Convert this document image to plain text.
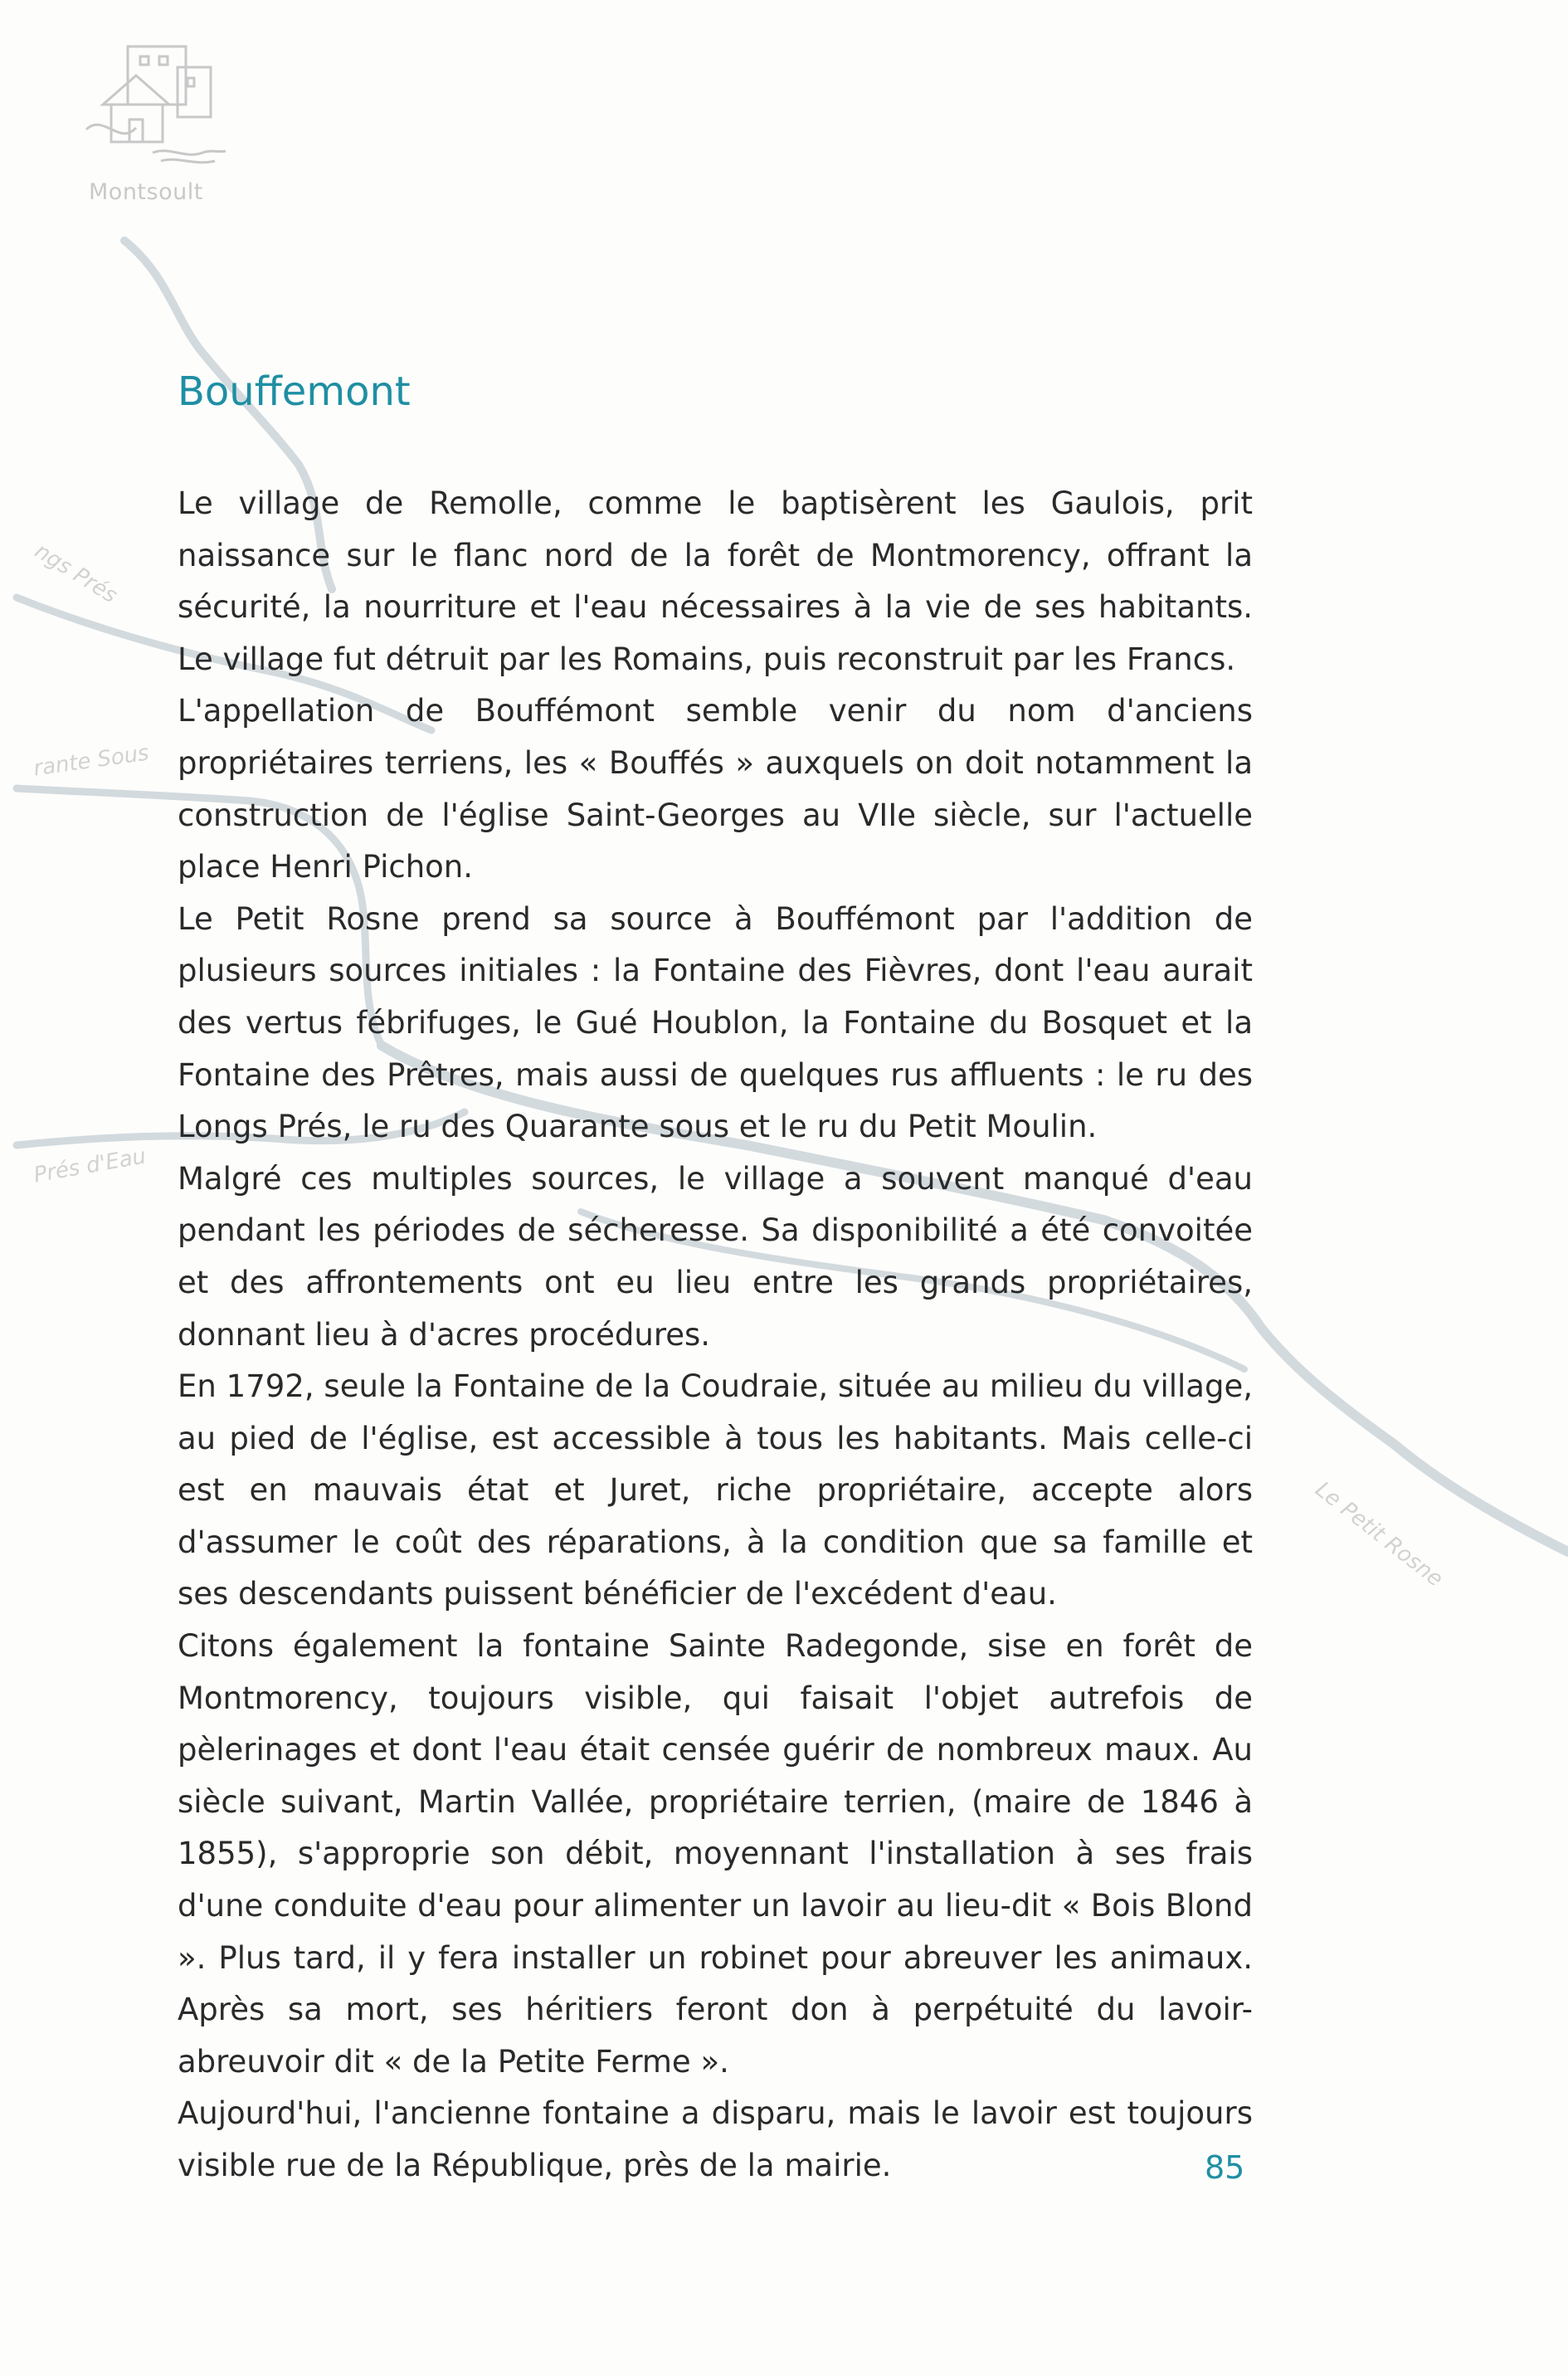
Montsoult
ngs Prés
rante Sous
Prés d'Eau
Le Petit Rosne
Bouffemont

Le village de Remolle, comme le baptisèrent les Gaulois, prit naissance sur le flanc nord de la forêt de Montmorency, offrant la sécurité, la nourriture et l'eau nécessaires à la vie de ses habitants. Le village fut détruit par les Romains, puis reconstruit par les Francs.

L'appellation de Bouffémont semble venir du nom d'anciens propriétaires terriens, les « Bouffés » auxquels on doit notamment la construction de l'église Saint-Georges au VIIe siècle, sur l'actuelle place Henri Pichon.

Le Petit Rosne prend sa source à Bouffémont par l'addition de plusieurs sources initiales : la Fontaine des Fièvres, dont l'eau aurait des vertus fébrifuges, le Gué Houblon, la Fontaine du Bosquet et la Fontaine des Prêtres, mais aussi de quelques rus affluents : le ru des Longs Prés, le ru des Quarante sous et le ru du Petit Moulin.

Malgré ces multiples sources, le village a souvent manqué d'eau pendant les périodes de sécheresse. Sa disponibilité a été convoitée et des affrontements ont eu lieu entre les grands propriétaires, donnant lieu à d'acres procédures.

En 1792, seule la Fontaine de la Coudraie, située au milieu du village, au pied de l'église, est accessible à tous les habitants. Mais celle-ci est en mauvais état et Juret, riche propriétaire, accepte alors d'assumer le coût des réparations, à la condition que sa famille et ses descendants puissent bénéficier de l'excédent d'eau.

Citons également la fontaine Sainte Radegonde, sise en forêt de Montmorency, toujours visible, qui faisait l'objet autrefois de pèlerinages et dont l'eau était censée guérir de nombreux maux. Au siècle suivant, Martin Vallée, propriétaire terrien, (maire de 1846 à 1855), s'approprie son débit, moyennant l'installation à ses frais d'une conduite d'eau pour alimenter un lavoir au lieu-dit « Bois Blond ». Plus tard, il y fera installer un robinet pour abreuver les animaux. Après sa mort, ses héritiers feront don à perpétuité du lavoir-abreuvoir dit « de la Petite Ferme ».

Aujourd'hui, l'ancienne fontaine a disparu, mais le lavoir est toujours visible rue de la République, près de la mairie.	85
